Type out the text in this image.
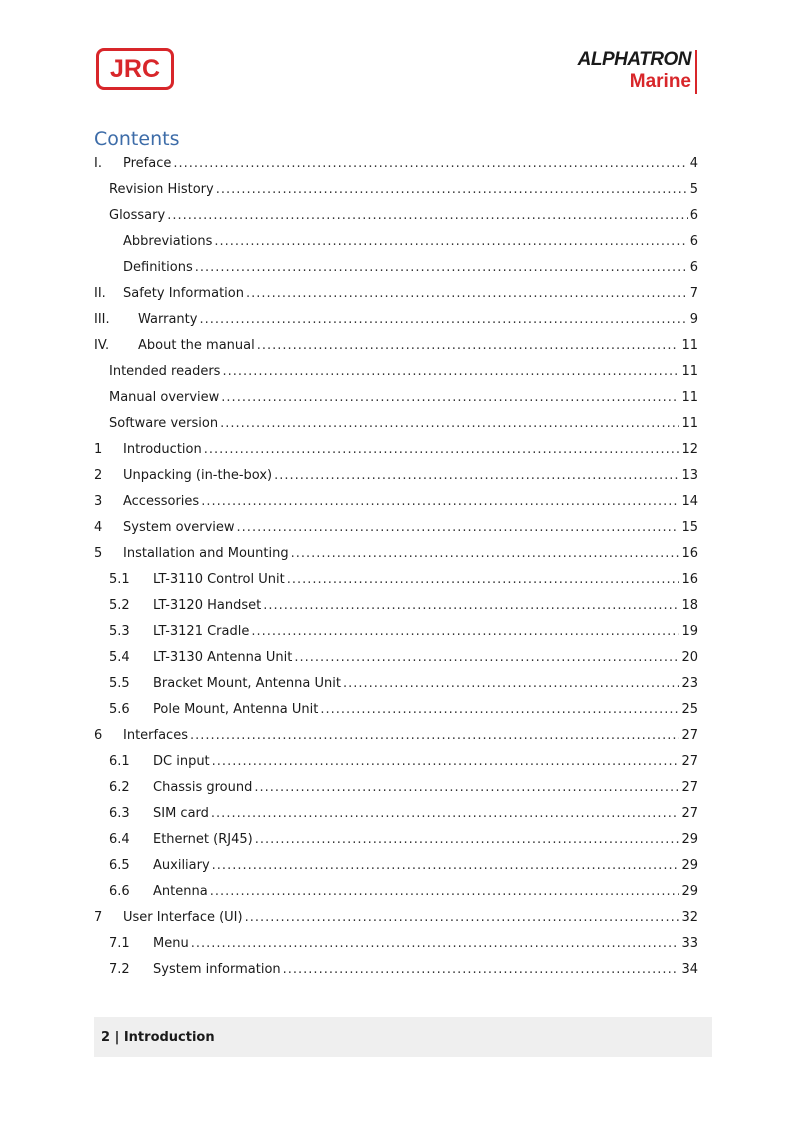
JRC	ALPHATRON
Marine
Contents
I.	Preface .....	4
Revision History .....	5
Glossary .....	6
Abbreviations .....	6
Definitions .....	6
II.	Safety Information .....	7
III.	Warranty .....	9
IV.	About the manual .....	11
Intended readers .....	11
Manual overview .....	11
Software version .....	11
1	Introduction .....	12
2	Unpacking (in-the-box) .....	13
3	Accessories .....	14
4	System overview .....	15
5	Installation and Mounting .....	16
5.1	LT-3110 Control Unit .....	16
5.2	LT-3120 Handset .....	18
5.3	LT-3121 Cradle .....	19
5.4	LT-3130 Antenna Unit .....	20
5.5	Bracket Mount, Antenna Unit .....	23
5.6	Pole Mount, Antenna Unit .....	25
6	Interfaces .....	27
6.1	DC input .....	27
6.2	Chassis ground .....	27
6.3	SIM card .....	27
6.4	Ethernet (RJ45) .....	29
6.5	Auxiliary .....	29
6.6	Antenna .....	29
7	User Interface (UI) .....	32
7.1	Menu .....	33
7.2	System information .....	34
2 | Introduction
